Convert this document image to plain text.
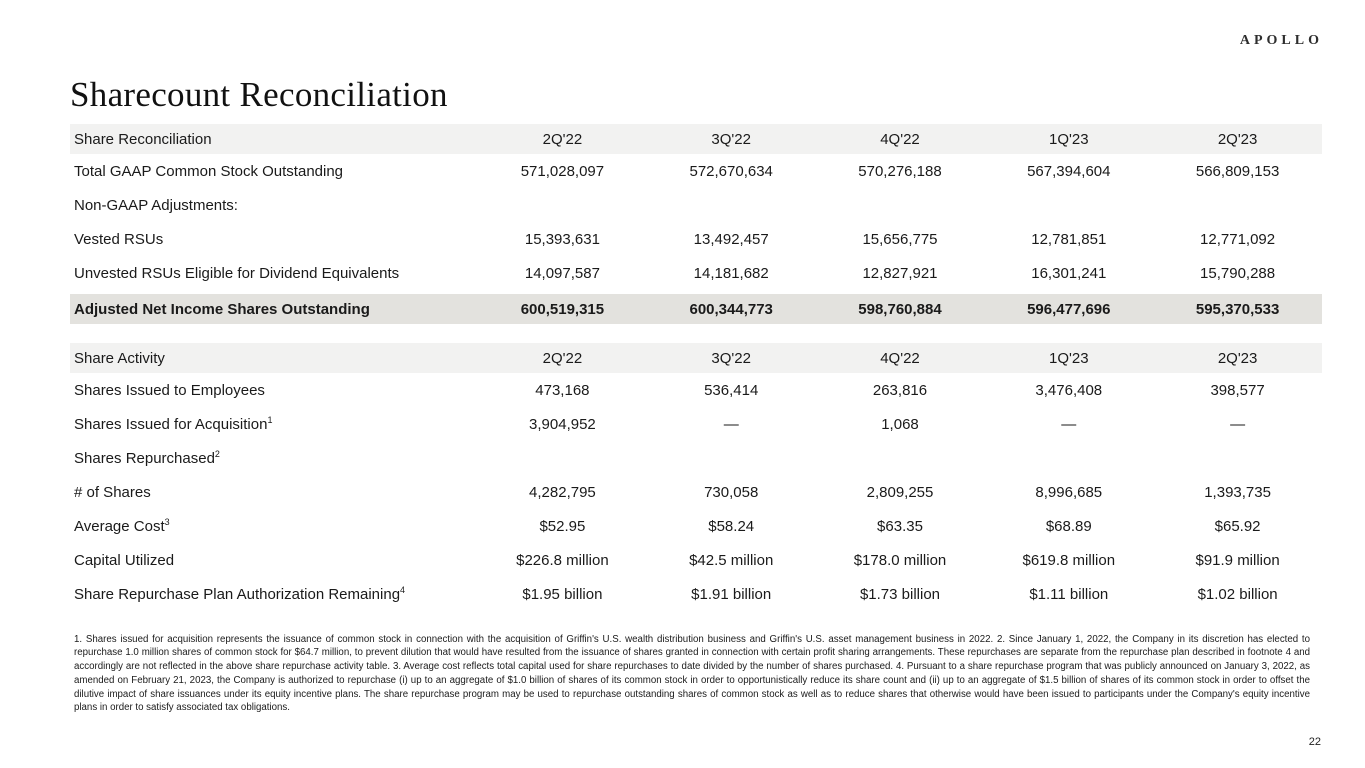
APOLLO
Sharecount Reconciliation
Share Reconciliation	2Q'22	3Q'22	4Q'22	1Q'23	2Q'23
Total GAAP Common Stock Outstanding	571,028,097	572,670,634	570,276,188	567,394,604	566,809,153
Non-GAAP Adjustments:
Vested RSUs	15,393,631	13,492,457	15,656,775	12,781,851	12,771,092
Unvested RSUs Eligible for Dividend Equivalents	14,097,587	14,181,682	12,827,921	16,301,241	15,790,288
Adjusted Net Income Shares Outstanding	600,519,315	600,344,773	598,760,884	596,477,696	595,370,533
Share Activity	2Q'22	3Q'22	4Q'22	1Q'23	2Q'23
Shares Issued to Employees	473,168	536,414	263,816	3,476,408	398,577
Shares Issued for Acquisition$^1$	3,904,952	—	1,068	—	—
Shares Repurchased$^2$
# of Shares	4,282,795	730,058	2,809,255	8,996,685	1,393,735
Average Cost$^3$	$52.95	$58.24	$63.35	$68.89	$65.92
Capital Utilized	$226.8 million	$42.5 million	$178.0 million	$619.8 million	$91.9 million
Share Repurchase Plan Authorization Remaining$^4$	$1.95 billion	$1.91 billion	$1.73 billion	$1.11 billion	$1.02 billion

1. Shares issued for acquisition represents the issuance of common stock in connection with the acquisition of Griffin's U.S. wealth distribution business and Griffin's U.S. asset management business in 2022. 2. Since January 1, 2022, the Company in its discretion has elected to repurchase 1.0 million shares of common stock for $64.7 million, to prevent dilution that would have resulted from the issuance of shares granted in connection with certain profit sharing arrangements. These repurchases are separate from the repurchase plan described in footnote 4 and accordingly are not reflected in the above share repurchase activity table. 3. Average cost reflects total capital used for share repurchases to date divided by the number of shares purchased. 4. Pursuant to a share repurchase program that was publicly announced on January 3, 2022, as amended on February 21, 2023, the Company is authorized to repurchase (i) up to an aggregate of $1.0 billion of shares of its common stock in order to opportunistically reduce its share count and (ii) up to an aggregate of $1.5 billion of shares of its common stock in order to offset the dilutive impact of share issuances under its equity incentive plans. The share repurchase program may be used to repurchase outstanding shares of common stock as well as to reduce shares that otherwise would have been issued to participants under the Company's equity incentive plans in order to satisfy associated tax obligations.

22
